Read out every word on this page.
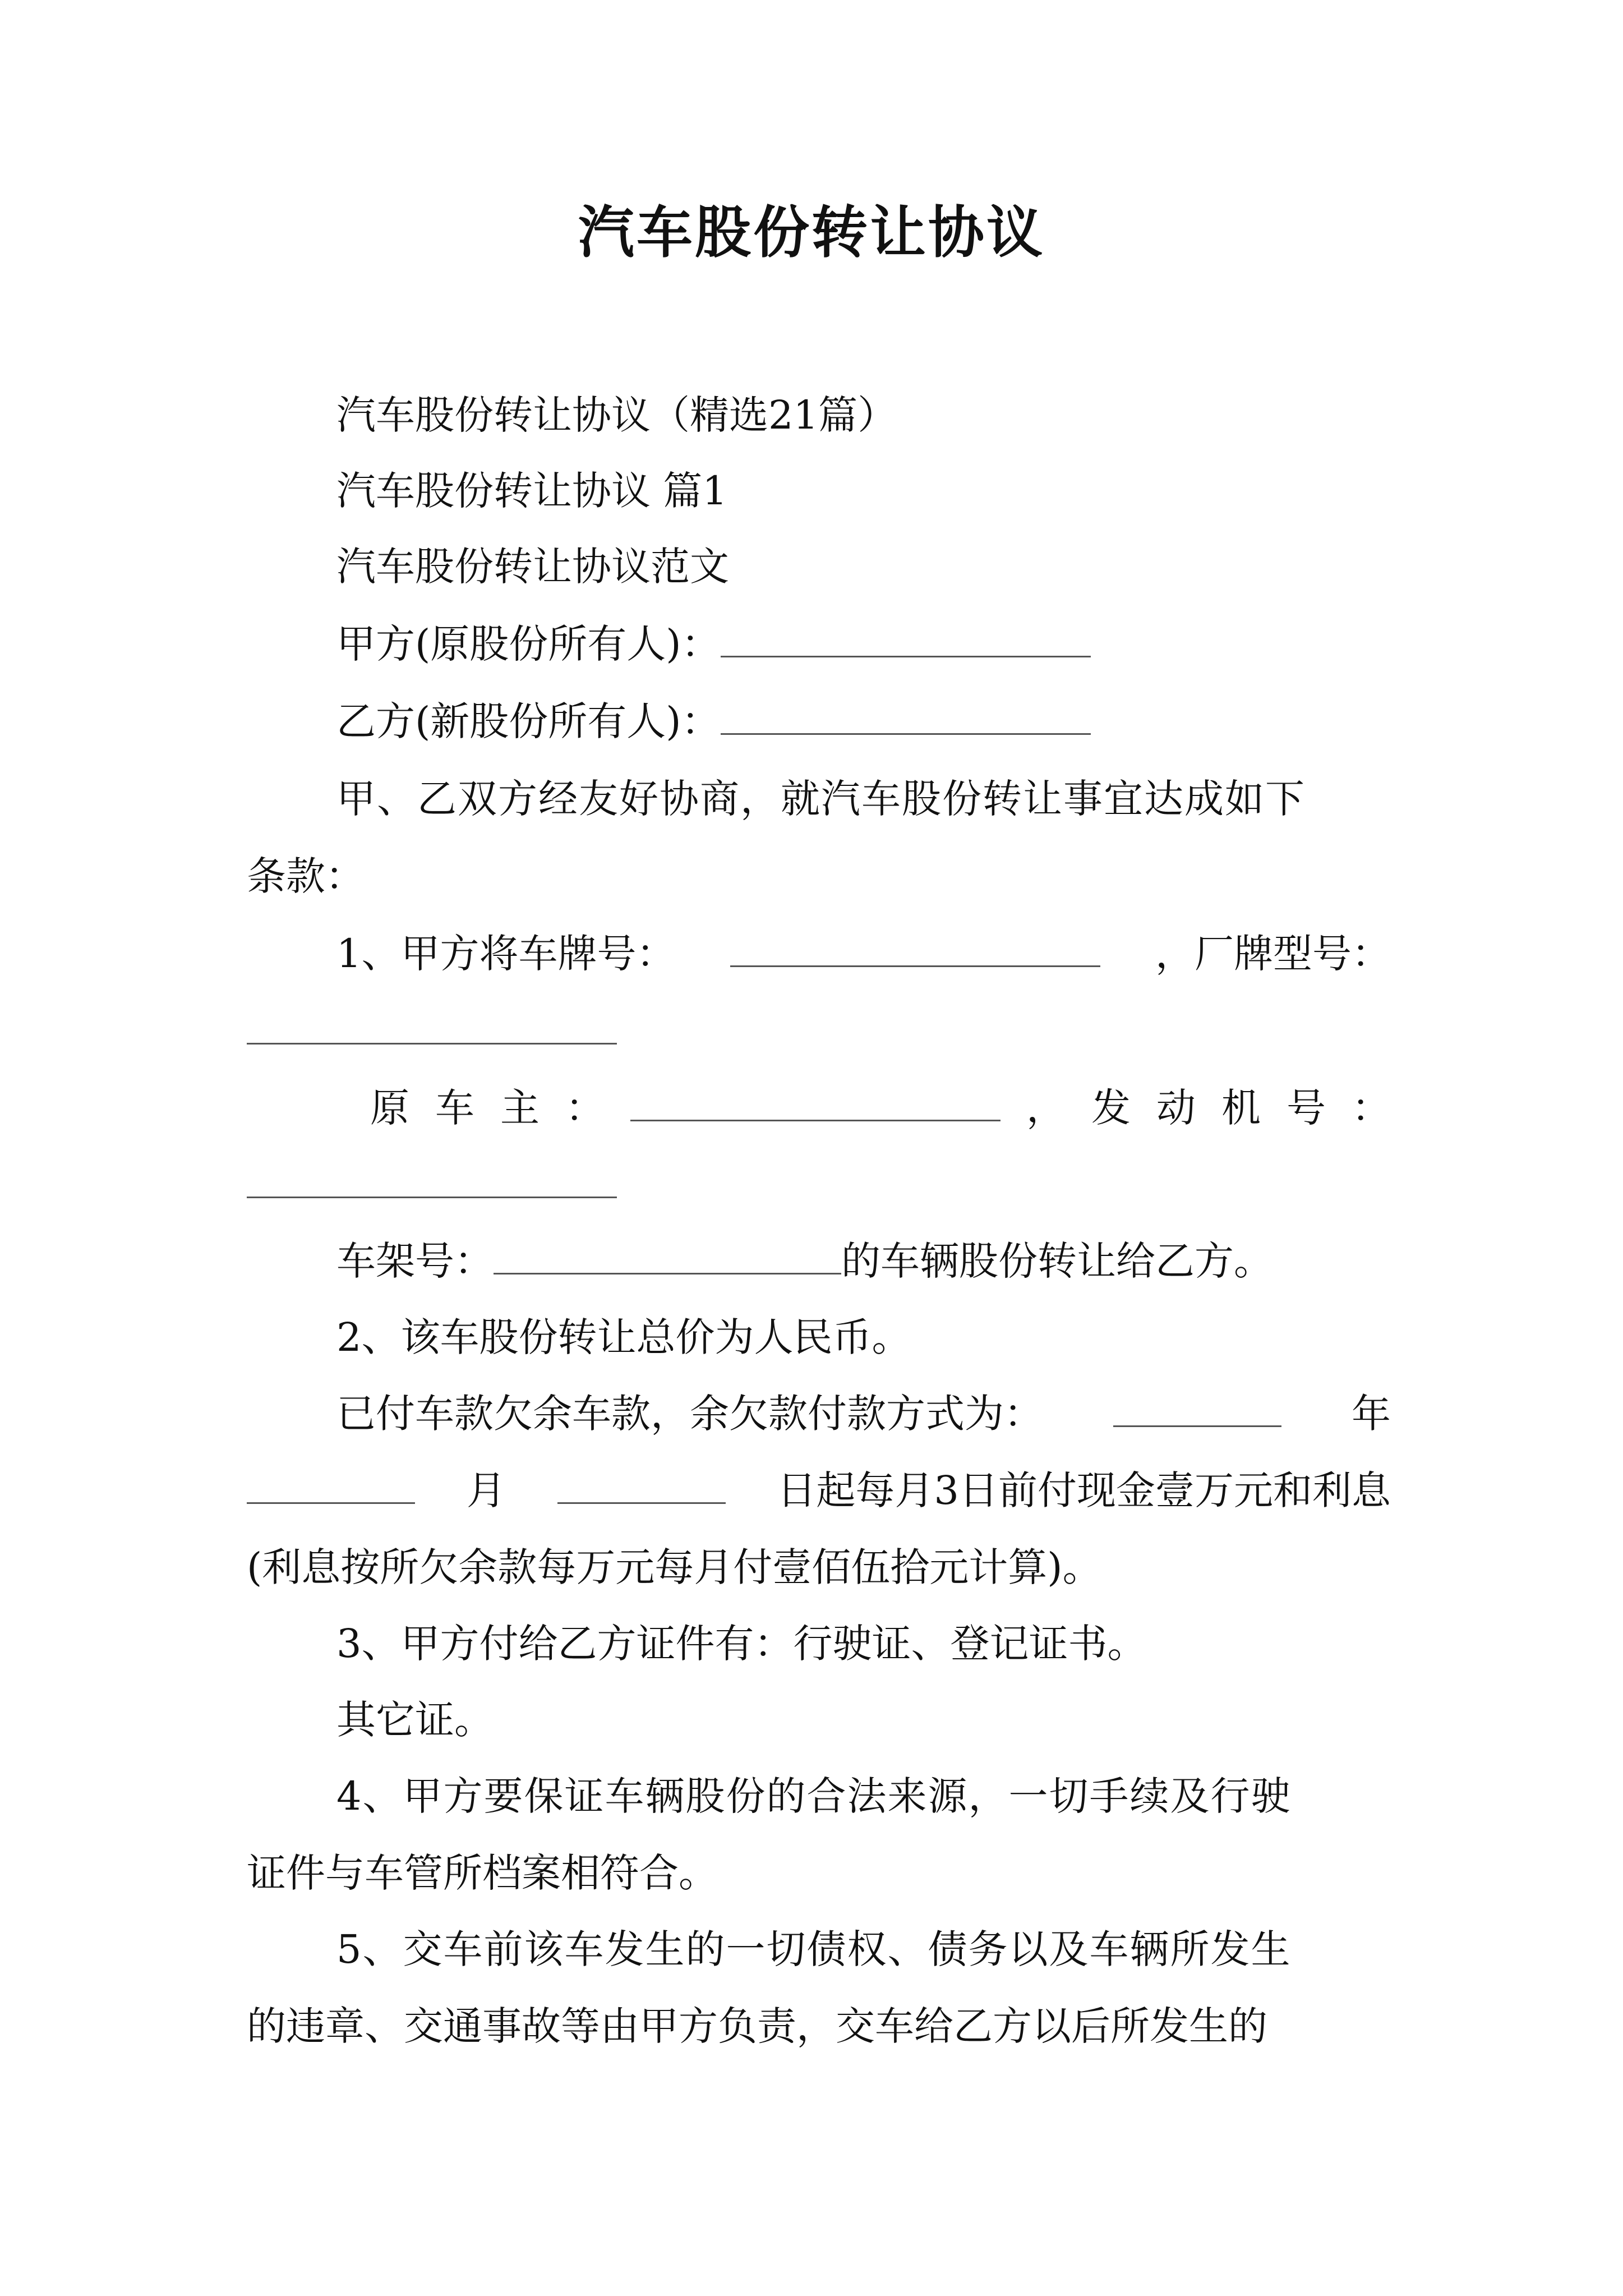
汽车股份转让协议
汽车股份转让协议（精选21篇）
汽车股份转让协议 篇1
汽车股份转让协议范文
甲方(原股份所有人)：
乙方(新股份所有人)：
甲、乙双方经友好协商，就汽车股份转让事宜达成如下
条款：
1、甲方将车牌号：	，厂牌型号：
原 车 主 ：	， 发 动 机 号 ：
车架号：	的车辆股份转让给乙方。
2、该车股份转让总价为人民币。
已付车款欠余车款，余欠款付款方式为：	年
月	日起每月3日前付现金壹万元和利息
(利息按所欠余款每万元每月付壹佰伍拾元计算)。
3、甲方付给乙方证件有：行驶证、登记证书。
其它证。
4、甲方要保证车辆股份的合法来源，一切手续及行驶
证件与车管所档案相符合。
5、交车前该车发生的一切债权、债务以及车辆所发生
的违章、交通事故等由甲方负责，交车给乙方以后所发生的
